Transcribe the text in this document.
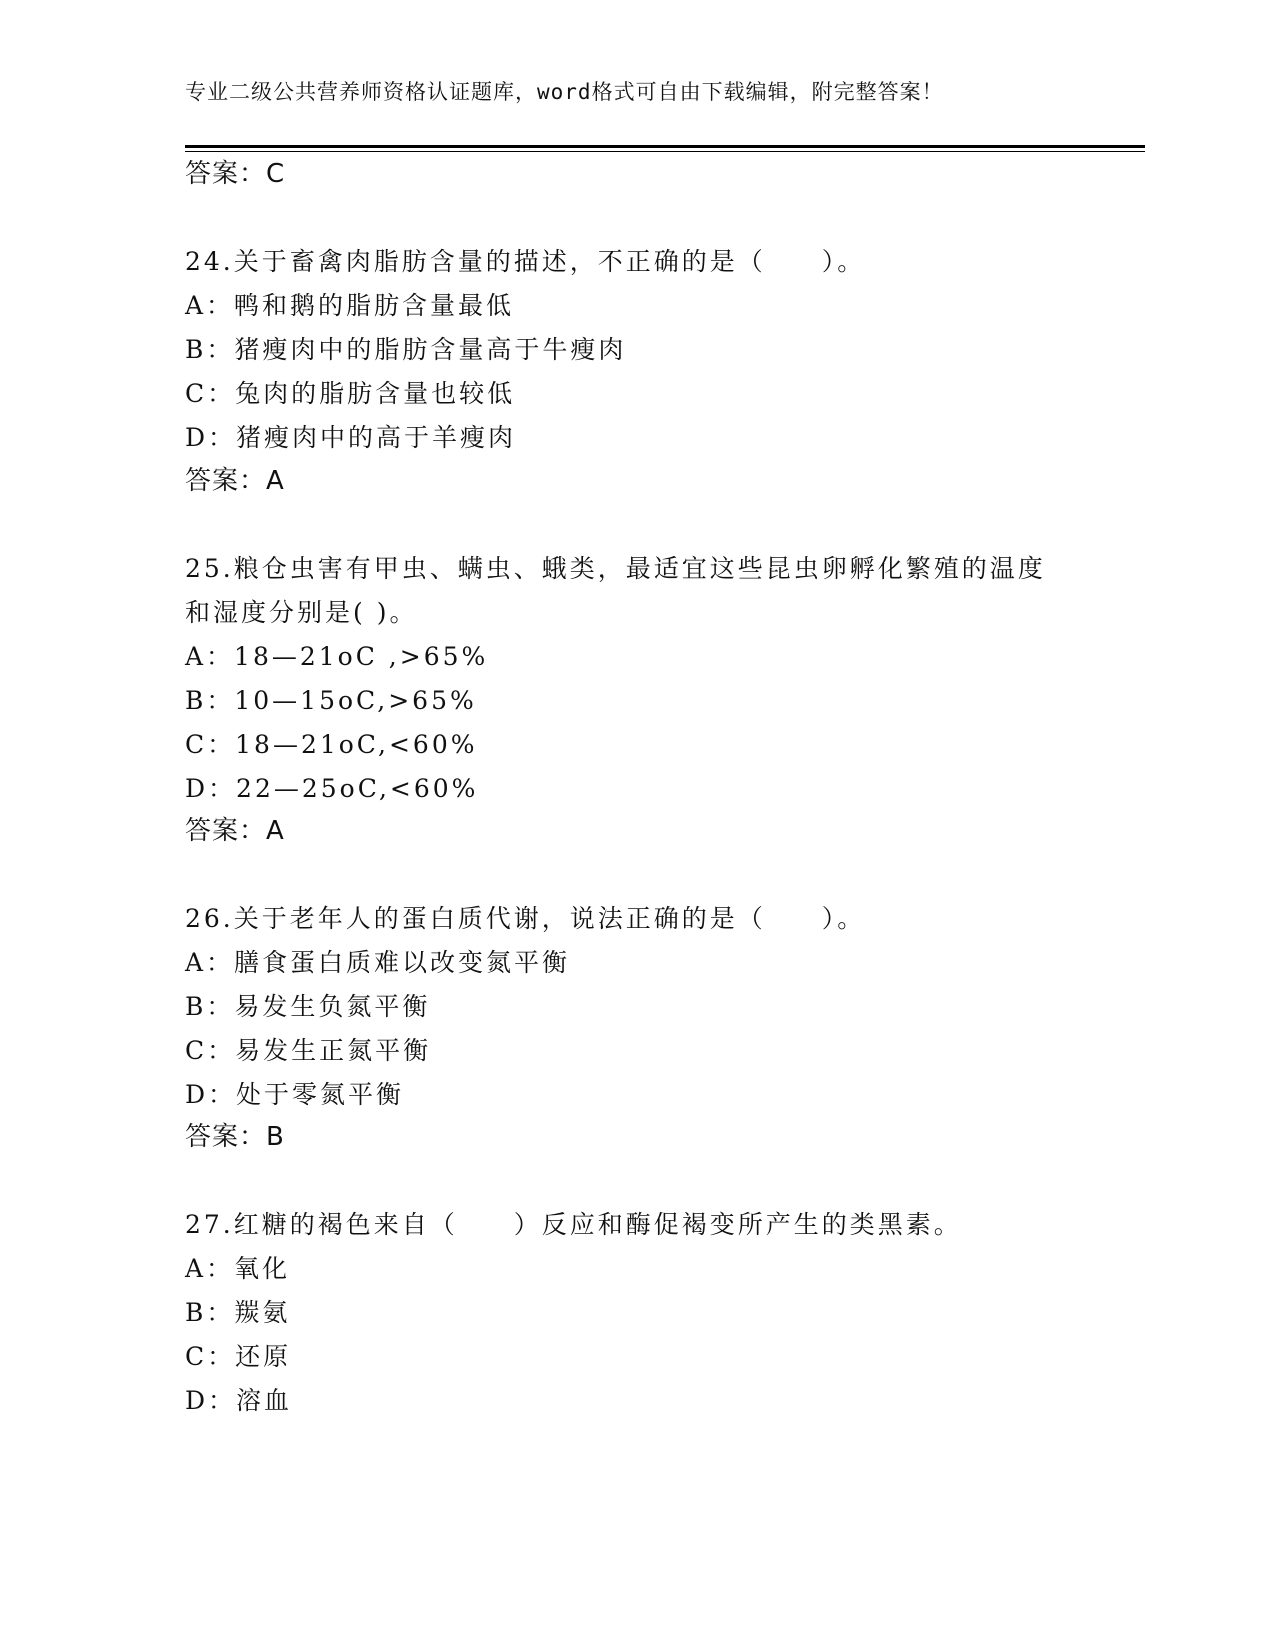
专业二级公共营养师资格认证题库，word格式可自由下载编辑，附完整答案！
答案：C
24.关于畜禽肉脂肪含量的描述，不正确的是（　　）。
A：鸭和鹅的脂肪含量最低
B：猪瘦肉中的脂肪含量高于牛瘦肉
C：兔肉的脂肪含量也较低
D：猪瘦肉中的高于羊瘦肉
答案：A
25.粮仓虫害有甲虫、螨虫、蛾类，最适宜这些昆虫卵孵化繁殖的温度
和湿度分别是( )。
A：18—21oC ,>65%
B：10—15oC,>65%
C：18—21oC,<60%
D：22—25oC,<60%
答案：A
26.关于老年人的蛋白质代谢，说法正确的是（　　）。
A：膳食蛋白质难以改变氮平衡
B：易发生负氮平衡
C：易发生正氮平衡
D：处于零氮平衡
答案：B
27.红糖的褐色来自（　　）反应和酶促褐变所产生的类黑素。
A：氧化
B：羰氨
C：还原
D：溶血
